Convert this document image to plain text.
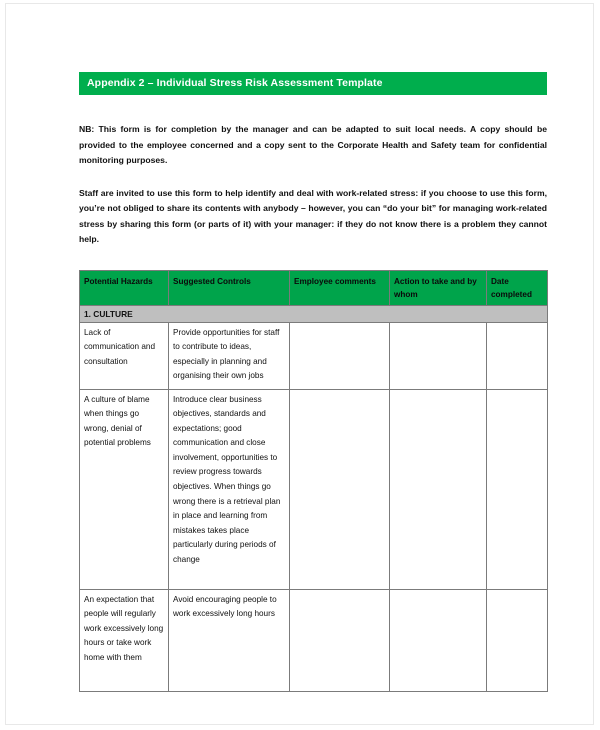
Appendix 2 – Individual Stress Risk Assessment Template

NB: This form is for completion by the manager and can be adapted to suit local needs. A copy should be provided to the employee concerned and a copy sent to the Corporate Health and Safety team for confidential monitoring purposes.

Staff are invited to use this form to help identify and deal with work-related stress: if you choose to use this form, you’re not obliged to share its contents with anybody – however, you can “do your bit” for managing work-related stress by sharing this form (or parts of it) with your manager: if they do not know there is a problem they cannot help.

Potential Hazards	Suggested Controls	Employee comments	Action to take and by whom	Date completed
1. CULTURE				
Lack of communication and consultation	Provide opportunities for staff to contribute to ideas, especially in planning and organising their own jobs			
A culture of blame when things go wrong, denial of potential problems	Introduce clear business objectives, standards and expectations; good communication and close involvement, opportunities to review progress towards objectives. When things go wrong there is a retrieval plan in place and learning from mistakes takes place particularly during periods of change			
An expectation that people will regularly work excessively long hours or take work home with them	Avoid encouraging people to work excessively long hours			
